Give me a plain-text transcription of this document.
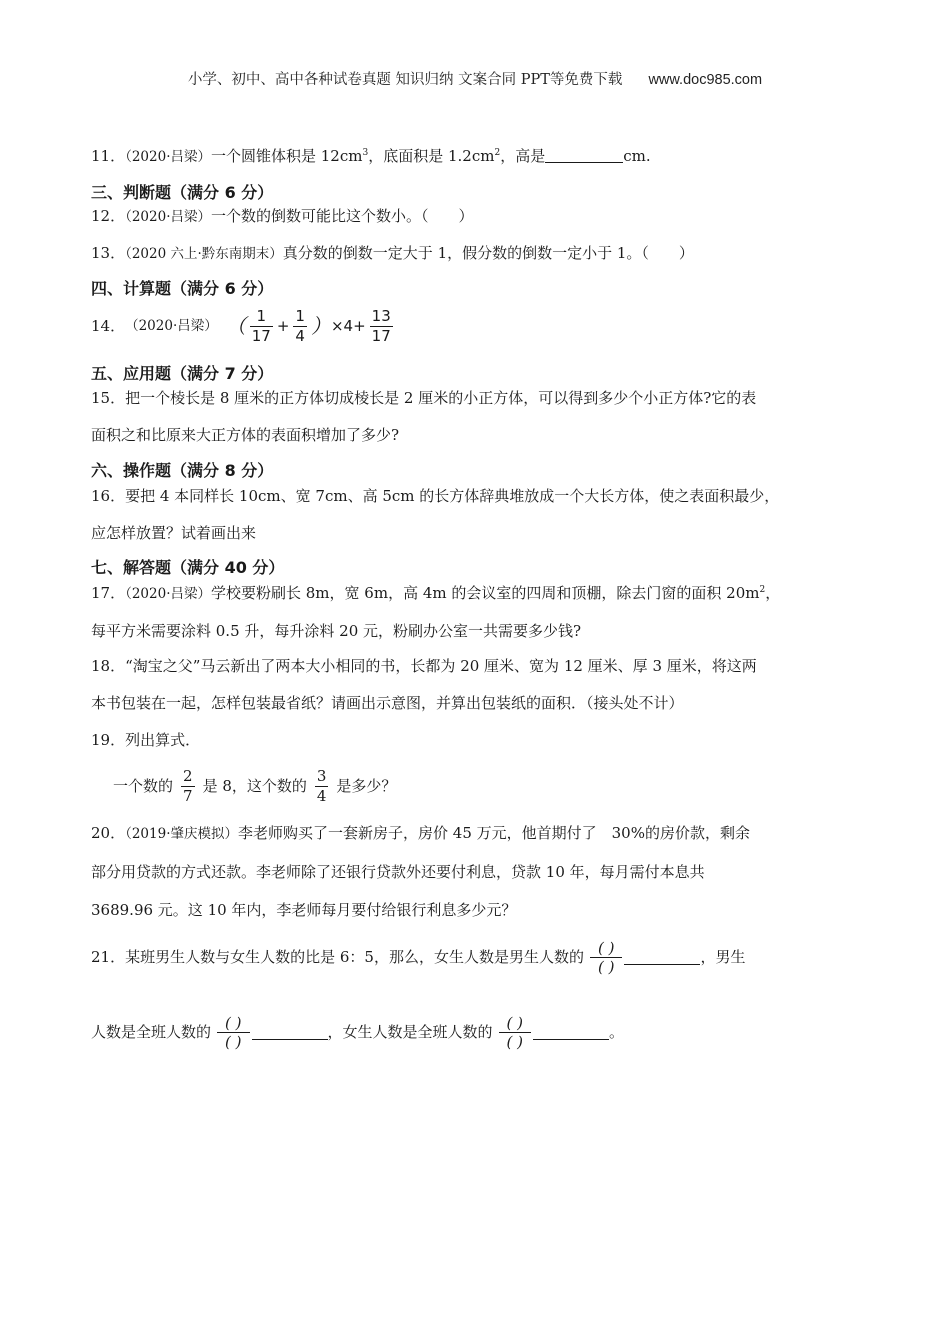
小学、初中、高中各种试卷真题 知识归纳 文案合同 PPT等免费下载 www.doc985.com
11．（2020·吕梁）一个圆锥体积是 $12cm^3$，底面积是 $1.2cm^2$，高是	cm.
三、判断题（满分 6 分）
12．（2020·吕梁）一个数的倒数可能比这个数小。（　　）
13．（2020 六上·黔东南期末）真分数的倒数一定大于 1，假分数的倒数一定小于 1。（　　）
四、计算题（满分 6 分）
14． （2020·吕梁） （ $\frac{1}{17} + \frac{1}{4}$ ） $\times 4+ \frac{13}{17}$
五、应用题（满分 7 分）
15．把一个棱长是 8 厘米的正方体切成棱长是 2 厘米的小正方体，可以得到多少个小正方体?它的表
面积之和比原来大正方体的表面积增加了多少?
六、操作题（满分 8 分）
16．要把 4 本同样长 10cm、宽 7cm、高 5cm 的长方体辞典堆放成一个大长方体，使之表面积最少，
应怎样放置？试着画出来
七、解答题（满分 40 分）
17．（2020·吕梁）学校要粉刷长 8m，宽 6m，高 4m 的会议室的四周和顶棚，除去门窗的面积 $20m^2$，
每平方米需要涂料 0.5 升，每升涂料 20 元，粉刷办公室一共需要多少钱?
18．“淘宝之父”马云新出了两本大小相同的书，长都为 20 厘米、宽为 12 厘米、厚 3 厘米，将这两
本书包装在一起，怎样包装最省纸？请画出示意图，并算出包装纸的面积．（接头处不计）
19．列出算式．
一个数的 $\frac{2}{7}$ 是 8，这个数的 $\frac{3}{4}$ 是多少？
20．（2019·肇庆模拟）李老师购买了一套新房子，房价 45 万元，他首期付了　30%的房价款，剩余
部分用贷款的方式还款。李老师除了还银行贷款外还要付利息，贷款 10 年，每月需付本息共
3689.96 元。这 10 年内，李老师每月要付给银行利息多少元？
21．某班男生人数与女生人数的比是 6：5，那么，女生人数是男生人数的 $\frac{( )}{( )}$	，男生
人数是全班人数的 $\frac{( )}{( )}$	，女生人数是全班人数的 $\frac{( )}{( )}$	。
